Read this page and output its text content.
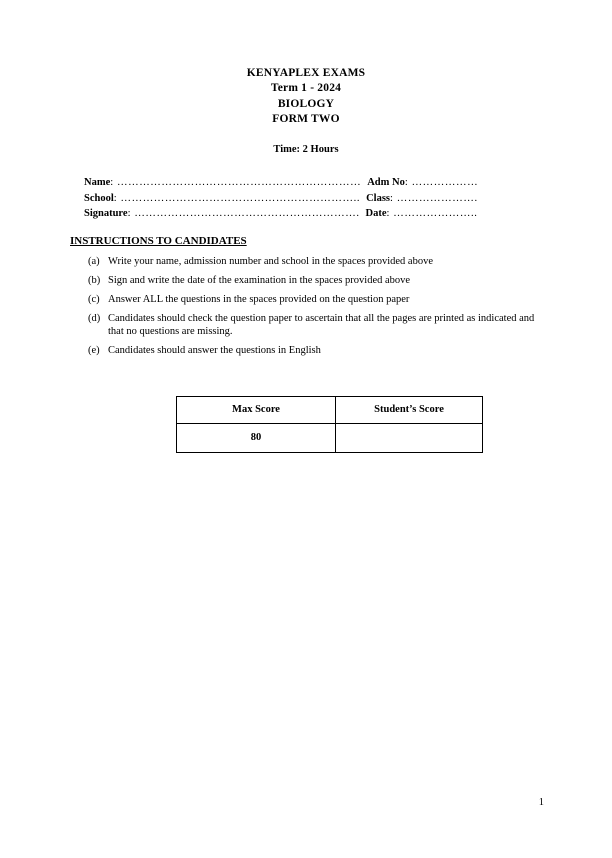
KENYAPLEX EXAMS
Term 1 - 2024
BIOLOGY
FORM TWO
Time: 2 Hours
Name : ………………………………………………………… Adm No : ………………
School : ……………………………………………………….. Class : ………………….
Signature : ……………………………………………………. Date : …………………..
INSTRUCTIONS TO CANDIDATES
(a) Write your name, admission number and school in the spaces provided above
(b) Sign and write the date of the examination in the spaces provided above
(c) Answer ALL the questions in the spaces provided on the question paper
(d) Candidates should check the question paper to ascertain that all the pages are printed as indicated and that no questions are missing.
(e) Candidates should answer the questions in English
Max Score	Student’s Score
80	
1
